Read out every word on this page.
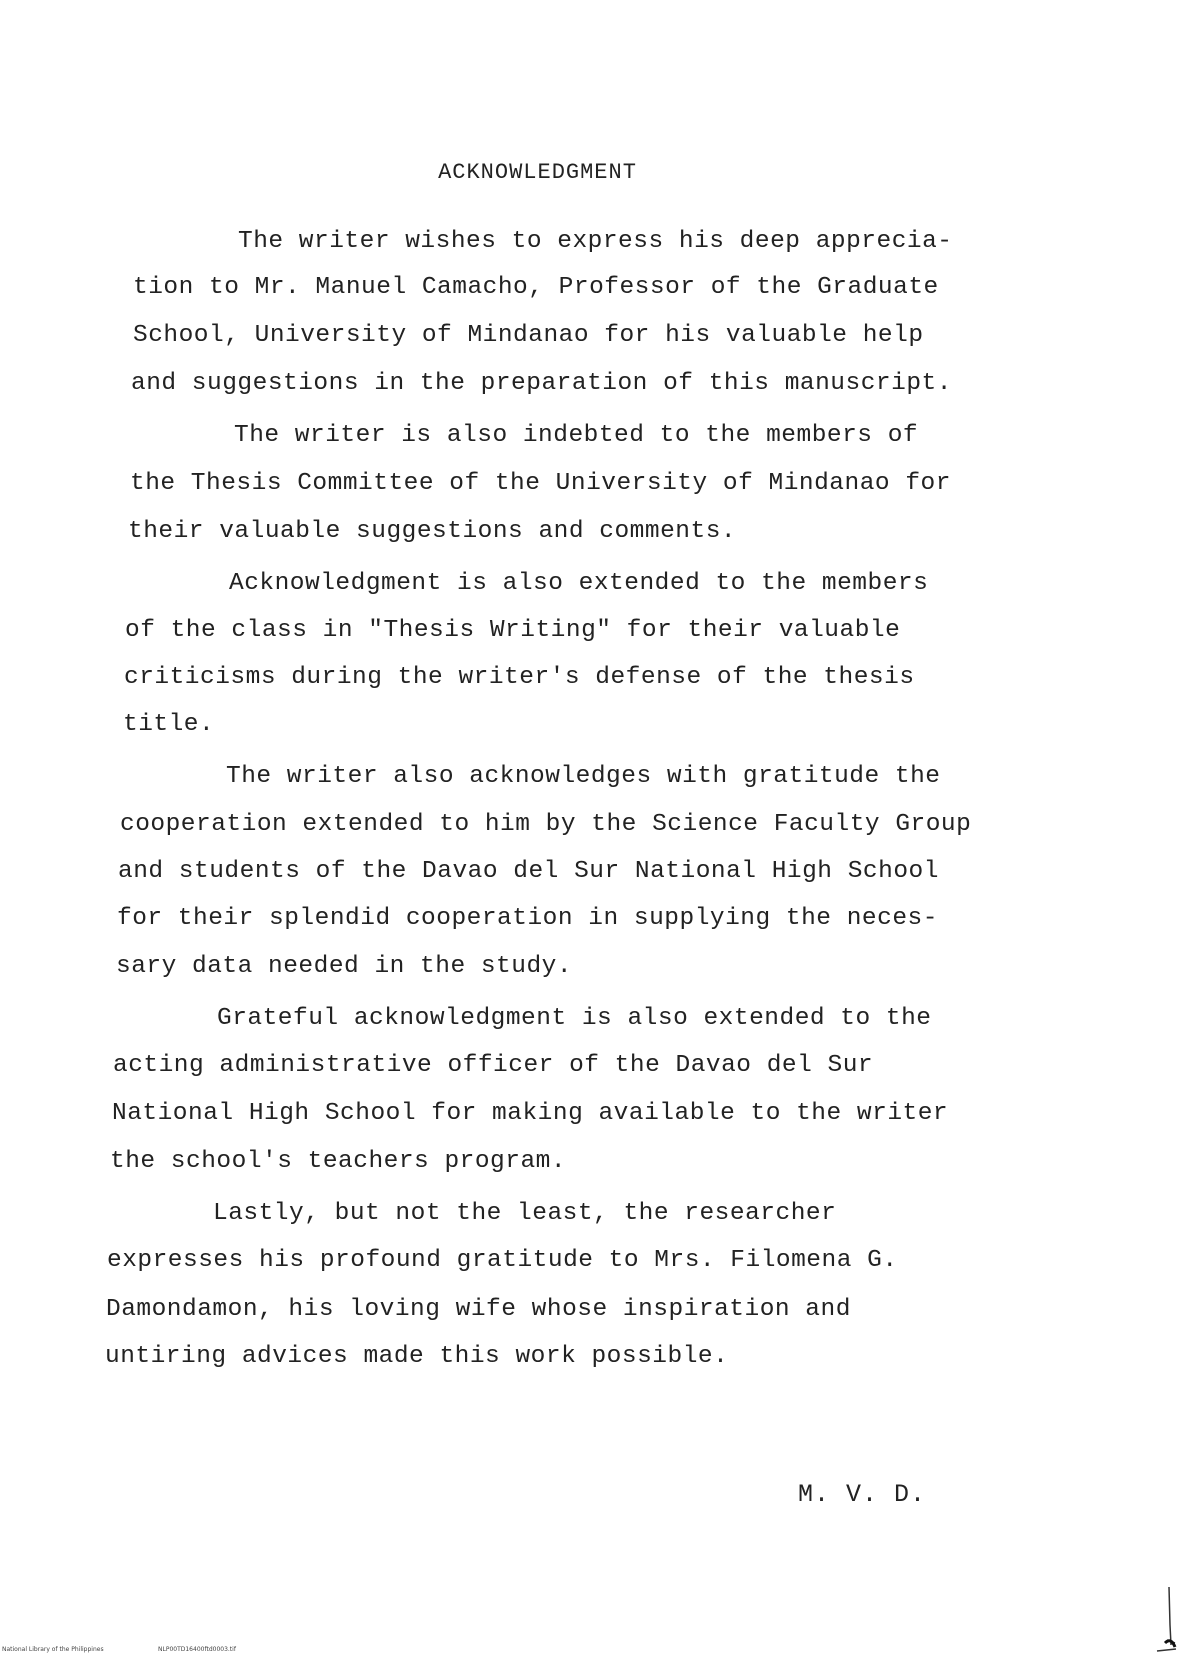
ACKNOWLEDGMENT
The writer wishes to express his deep apprecia-
tion to Mr. Manuel Camacho, Professor of the Graduate
School, University of Mindanao for his valuable help
and suggestions in the preparation of this manuscript.
The writer is also indebted to the members of
the Thesis Committee of the University of Mindanao for
their valuable suggestions and comments.
Acknowledgment is also extended to the members
of the class in "Thesis Writing" for their valuable
criticisms during the writer's defense of the thesis
title.
The writer also acknowledges with gratitude the
cooperation extended to him by the Science Faculty Group
and students of the Davao del Sur National High School
for their splendid cooperation in supplying the neces-
sary data needed in the study.
Grateful acknowledgment is also extended to the
acting administrative officer of the Davao del Sur
National High School for making available to the writer
the school's teachers program.
Lastly, but not the least, the researcher
expresses his profound gratitude to Mrs. Filomena G.
Damondamon, his loving wife whose inspiration and
untiring advices made this work possible.
M. V. D.
National Library of the Philippines	NLP00TD16400ftd0003.tif
